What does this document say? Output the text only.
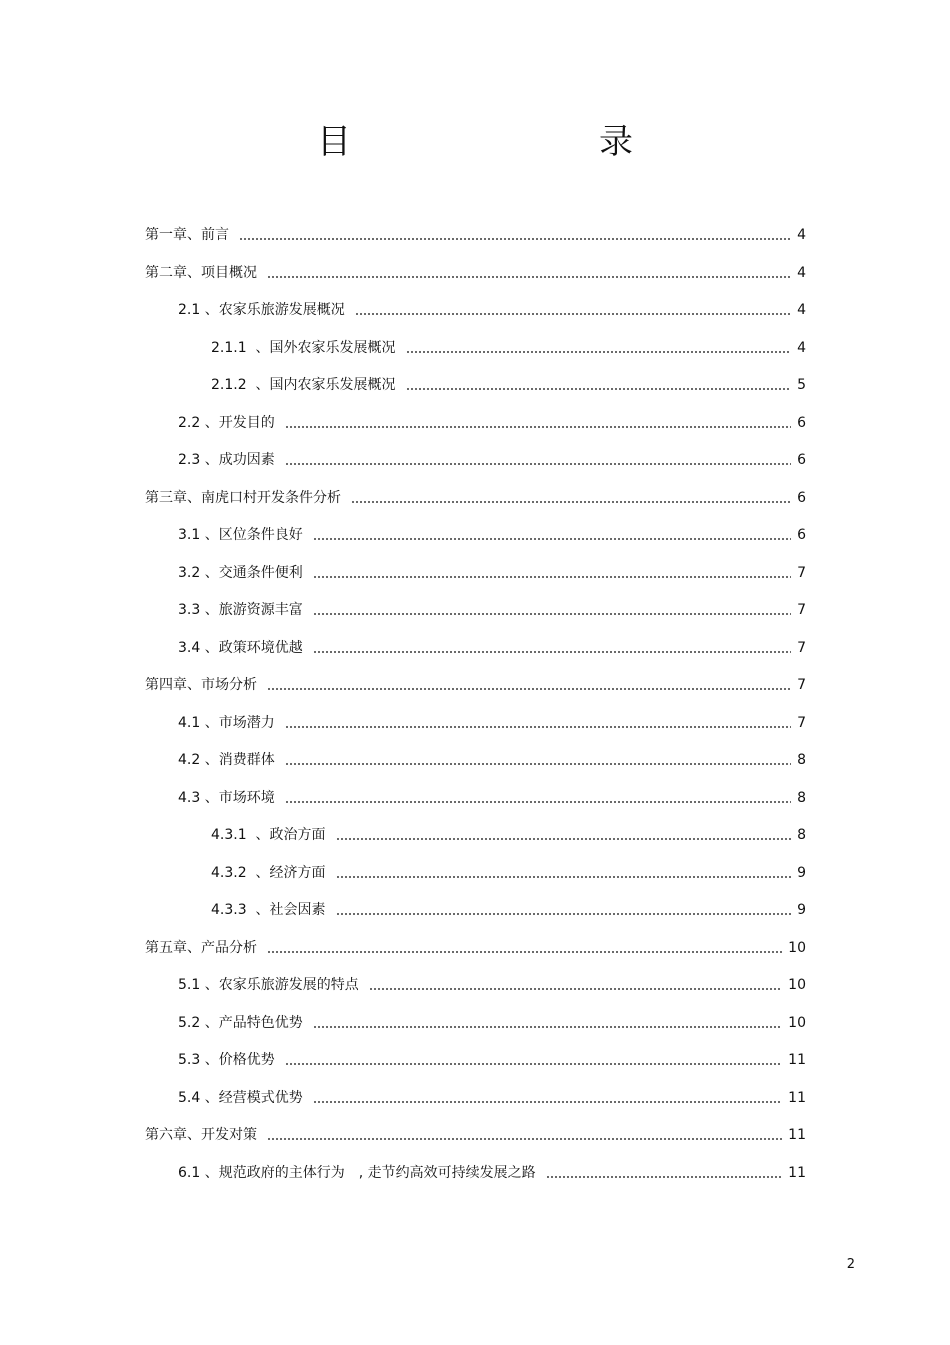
目　　录
第一章、前言	4
第二章、项目概况	4
2.1 、农家乐旅游发展概况	4
2.1.1  、国外农家乐发展概况	4
2.1.2  、国内农家乐发展概况	5
2.2 、开发目的	6
2.3 、成功因素	6
第三章、南虎口村开发条件分析	6
3.1 、区位条件良好	6
3.2 、交通条件便利	7
3.3 、旅游资源丰富	7
3.4 、政策环境优越	7
第四章、市场分析	7
4.1 、市场潜力	7
4.2 、消费群体	8
4.3 、市场环境	8
4.3.1  、政治方面	8
4.3.2  、经济方面	9
4.3.3  、社会因素	9
第五章、产品分析	10
5.1 、农家乐旅游发展的特点	10
5.2 、产品特色优势	10
5.3 、价格优势	11
5.4 、经营模式优势	11
第六章、开发对策	11
6.1 、规范政府的主体行为　, 走节约高效可持续发展之路	11
2
